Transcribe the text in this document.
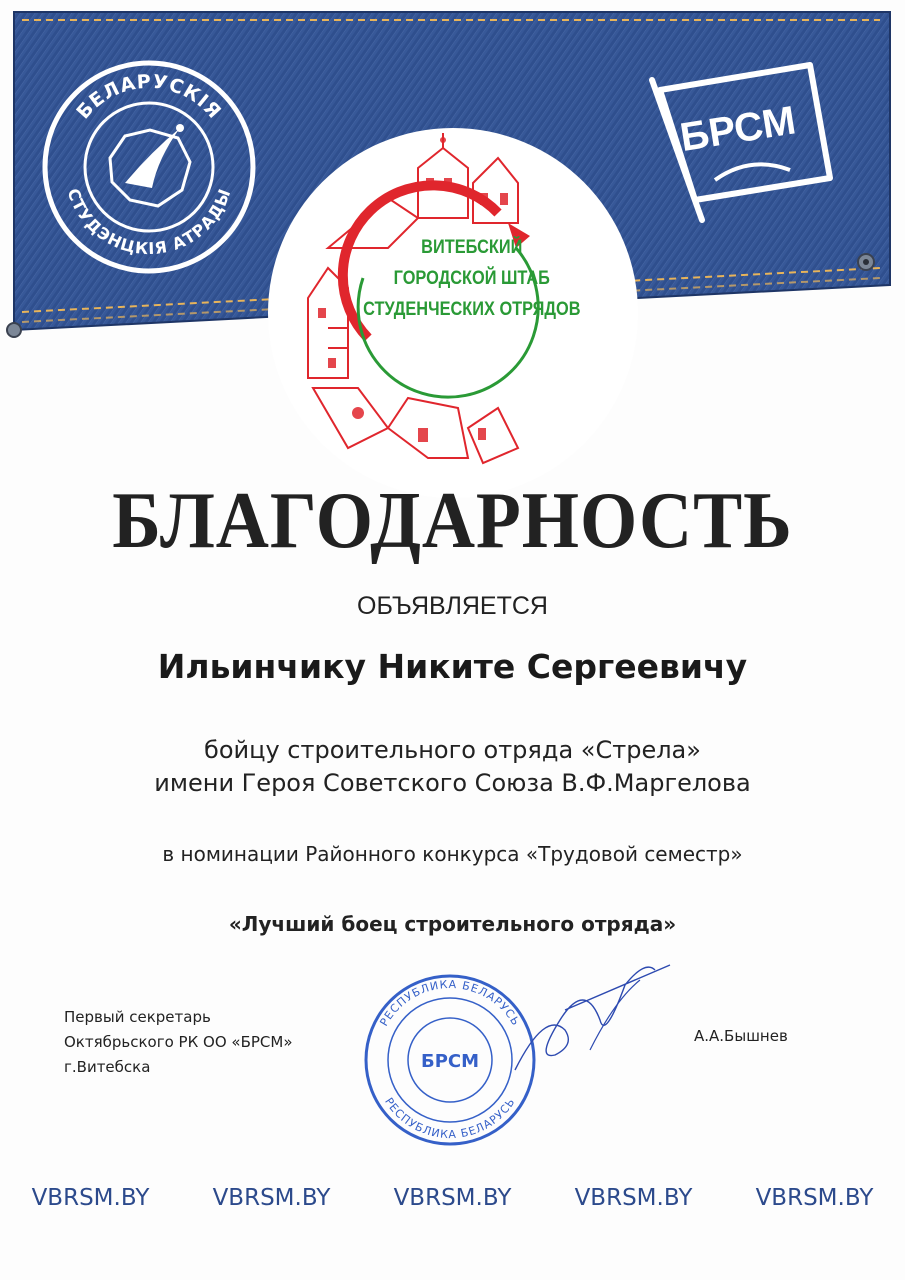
БЕЛАРУСКІЯ
СТУДЭНЦКІЯ АТРАДЫ
БРСМ
ВИТЕБСКИЙ
ГОРОДСКОЙ ШТАБ
СТУДЕНЧЕСКИХ ОТРЯДОВ
БЛАГОДАРНОСТЬ
ОБЪЯВЛЯЕТСЯ
Ильинчику Никите Сергеевичу
бойцу строительного отряда «Стрела»
имени Героя Советского Союза В.Ф.Маргелова
в номинации Районного конкурса «Трудовой семестр»
«Лучший боец строительного отряда»
Первый секретарь
Октябрьского РК ОО «БРСМ»
г.Витебска
А.А.Бышнев
РЕСПУБЛИКА БЕЛАРУСЬ
РЕСПУБЛИКА БЕЛАРУСЬ
БРСМ
VBRSM.BY	VBRSM.BY	VBRSM.BY	VBRSM.BY	VBRSM.BY
